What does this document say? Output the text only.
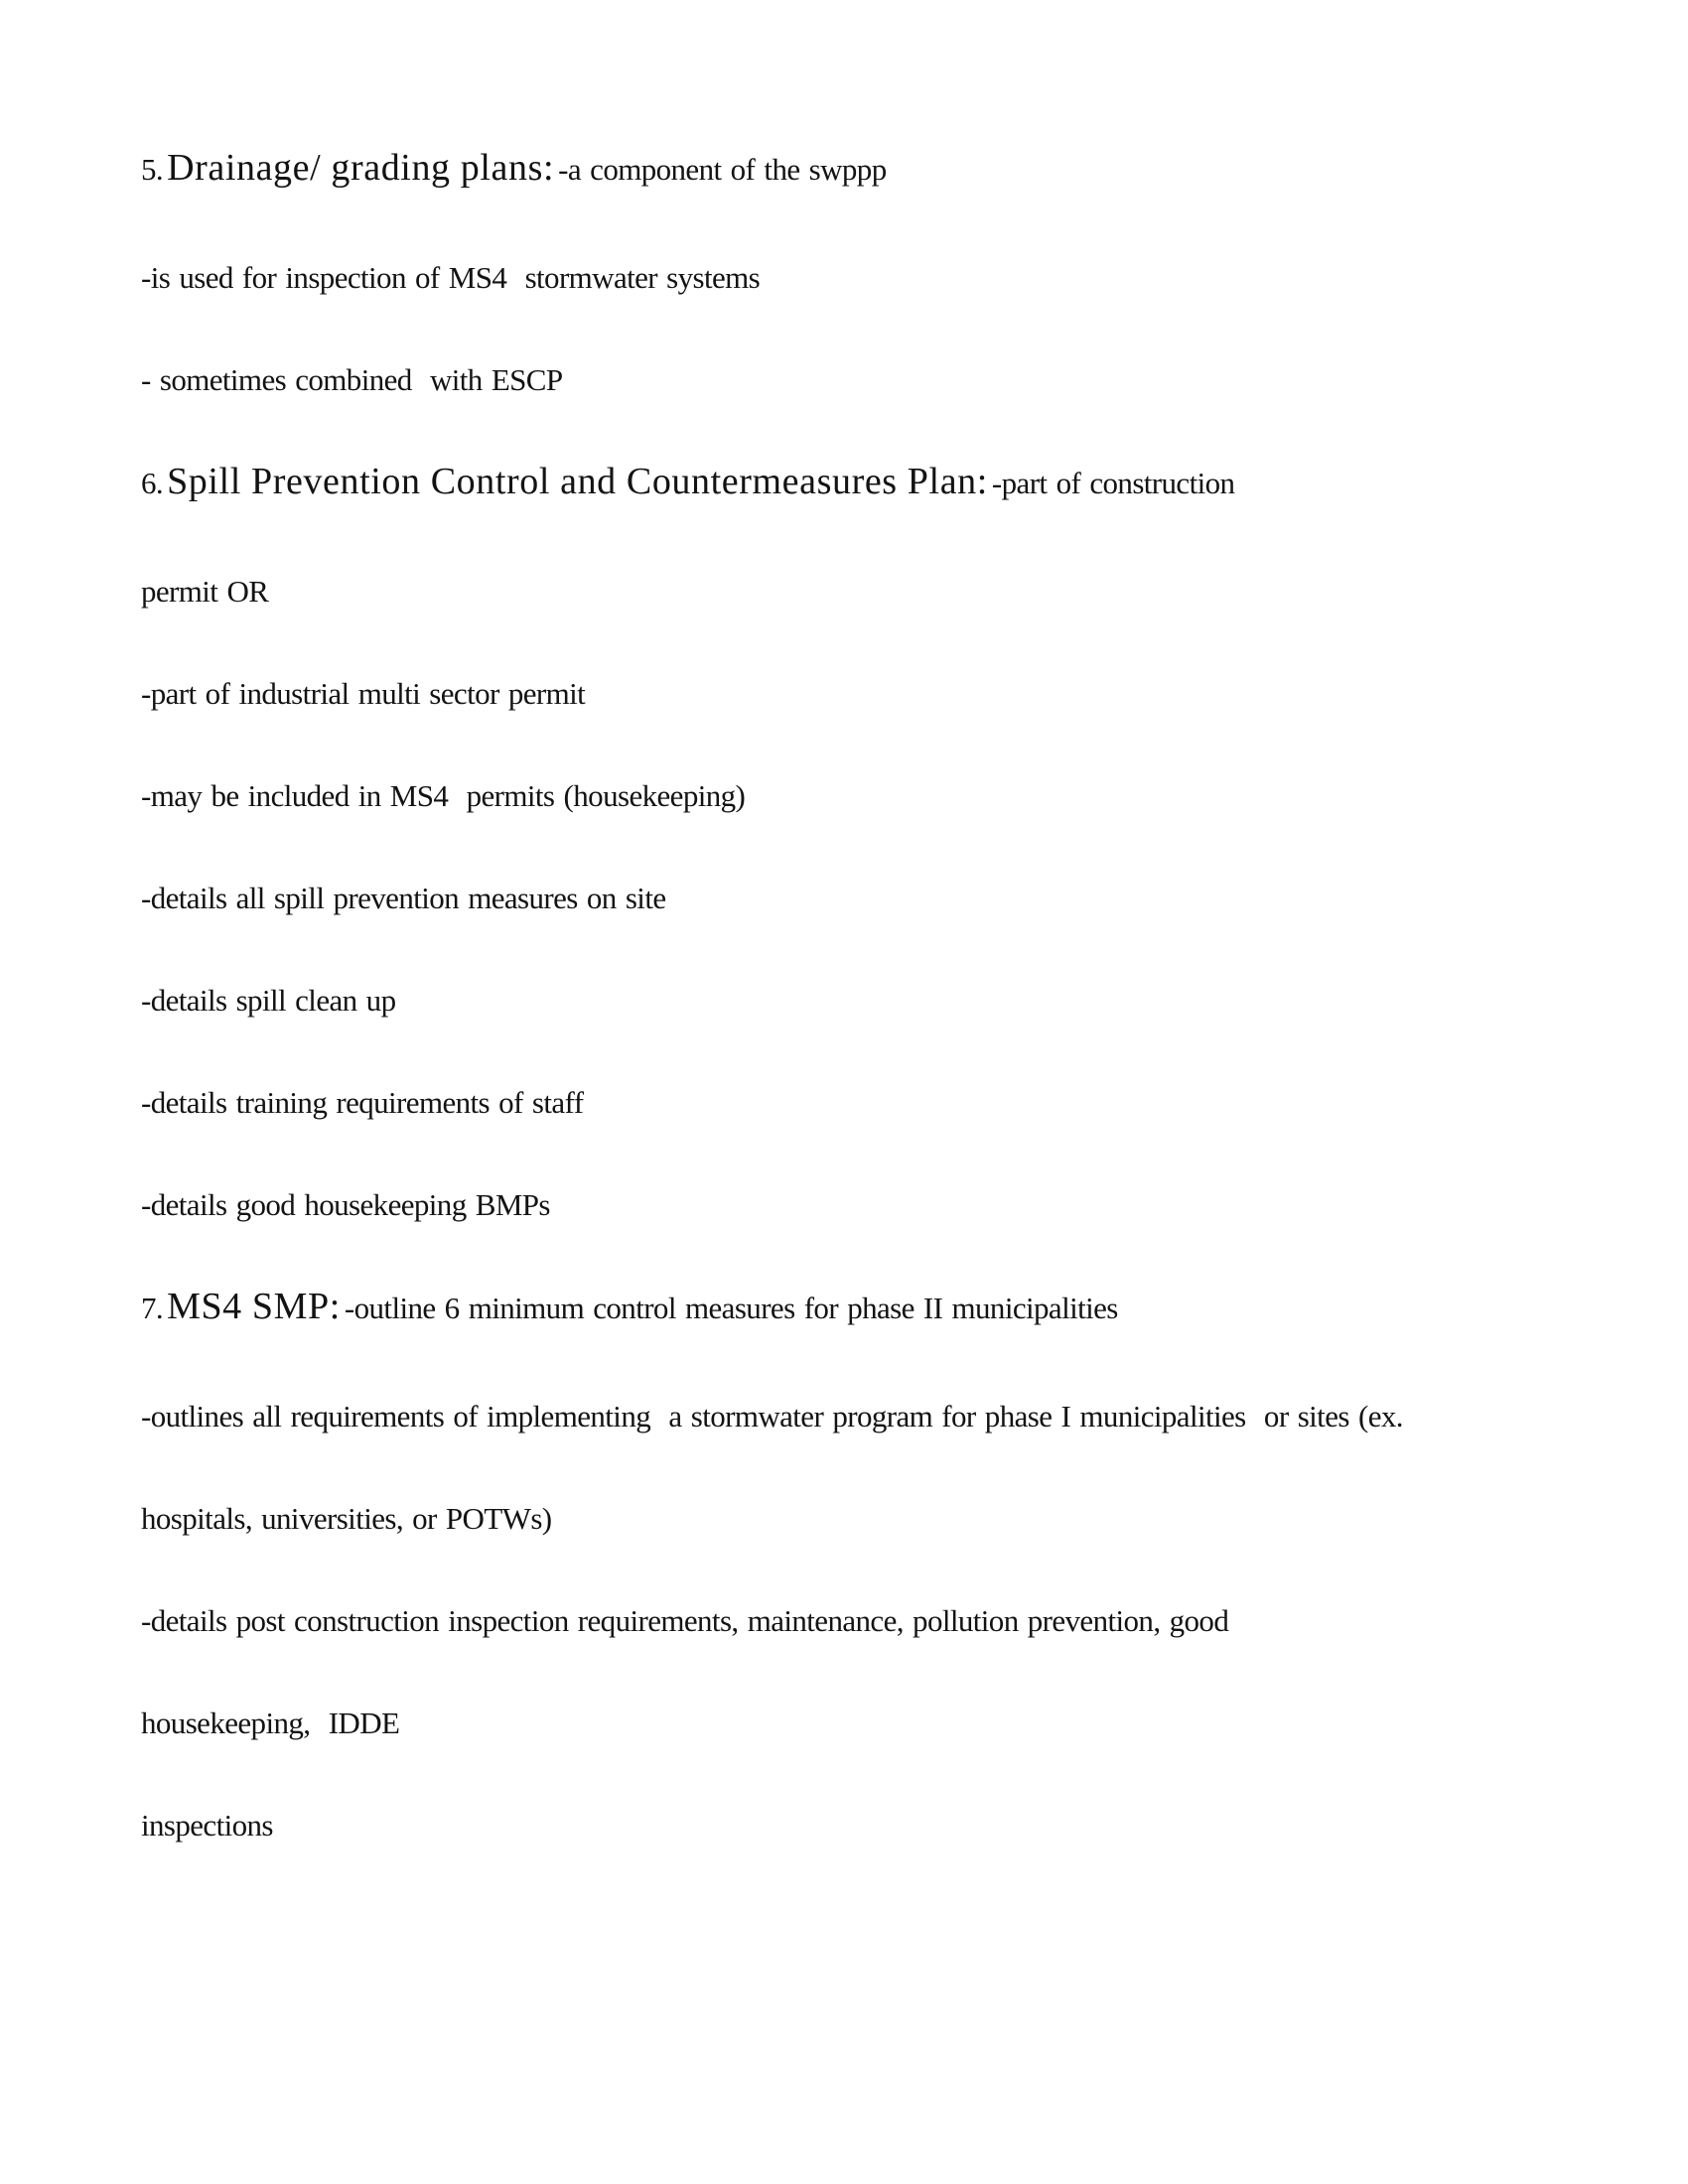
5. Drainage/ grading plans: -a component of the swppp
-is used for inspection of MS4  stormwater systems
- sometimes combined  with ESCP
6. Spill Prevention Control and Countermeasures Plan: -part of construction
permit OR
-part of industrial multi sector permit
-may be included in MS4  permits (housekeeping)
-details all spill prevention measures on site
-details spill clean up
-details training requirements of staff
-details good housekeeping BMPs
7. MS4 SMP: -outline 6 minimum control measures for phase II municipalities
-outlines all requirements of implementing  a stormwater program for phase I municipalities  or sites (ex.
hospitals, universities, or POTWs)
-details post construction inspection requirements, maintenance, pollution prevention, good
housekeeping,  IDDE
inspections
